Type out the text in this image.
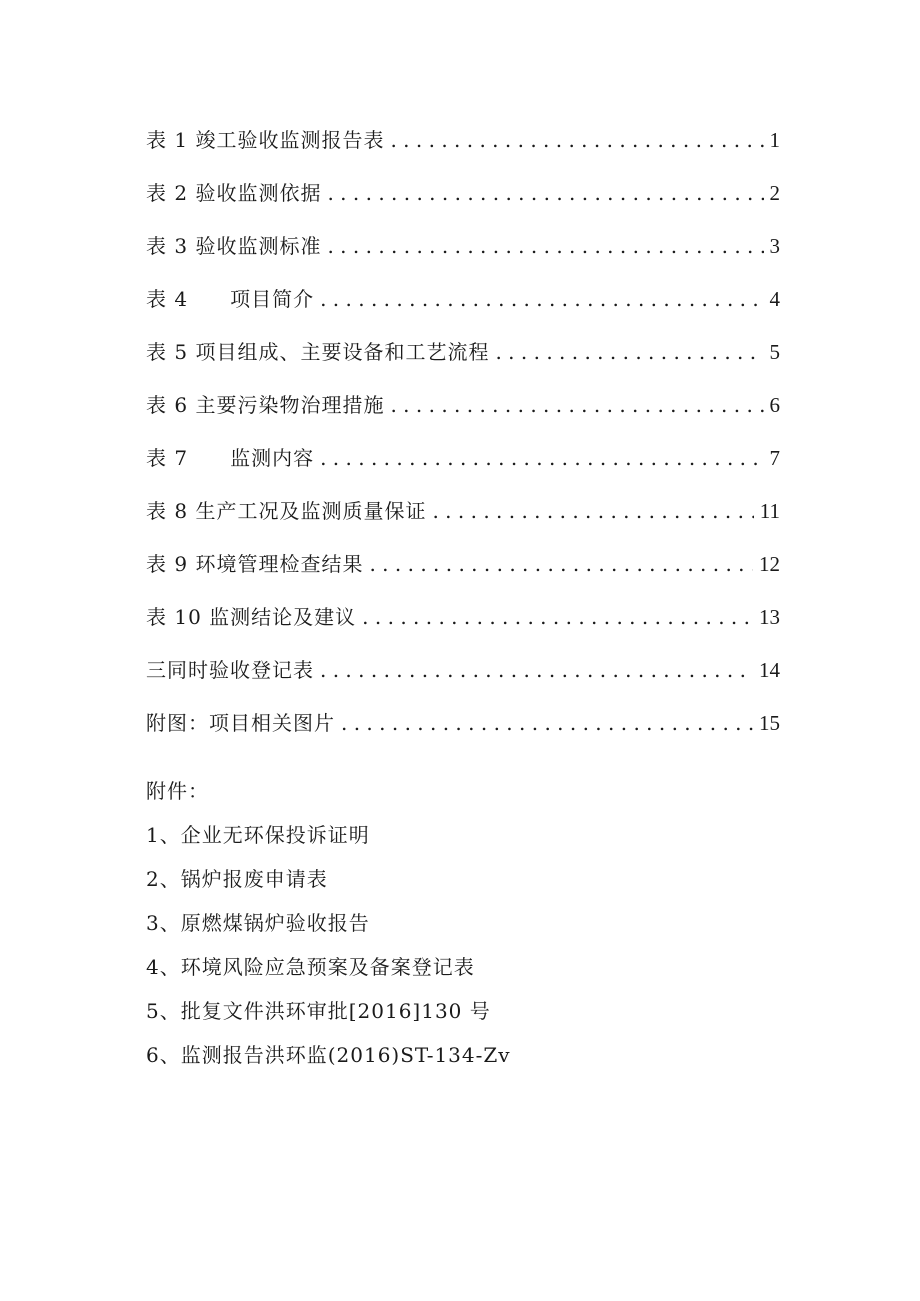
表 1 竣工验收监测报告表 . . .	1
表 2 验收监测依据 . . .	2
表 3 验收监测标准 . . .	3
表 4　　项目简介 . . .	4
表 5 项目组成、主要设备和工艺流程 . . .	5
表 6 主要污染物治理措施 . . .	6
表 7　　监测内容 . . .	7
表 8 生产工况及监测质量保证 . . .	11
表 9 环境管理检查结果 . . .	12
表 10 监测结论及建议 . . .	13
三同时验收登记表 . . .	14
附图：项目相关图片 . . .	15
附件：
1、企业无环保投诉证明
2、锅炉报废申请表
3、原燃煤锅炉验收报告
4、环境风险应急预案及备案登记表
5、批复文件洪环审批[2016]130 号
6、监测报告洪环监(2016)ST-134-Zv
